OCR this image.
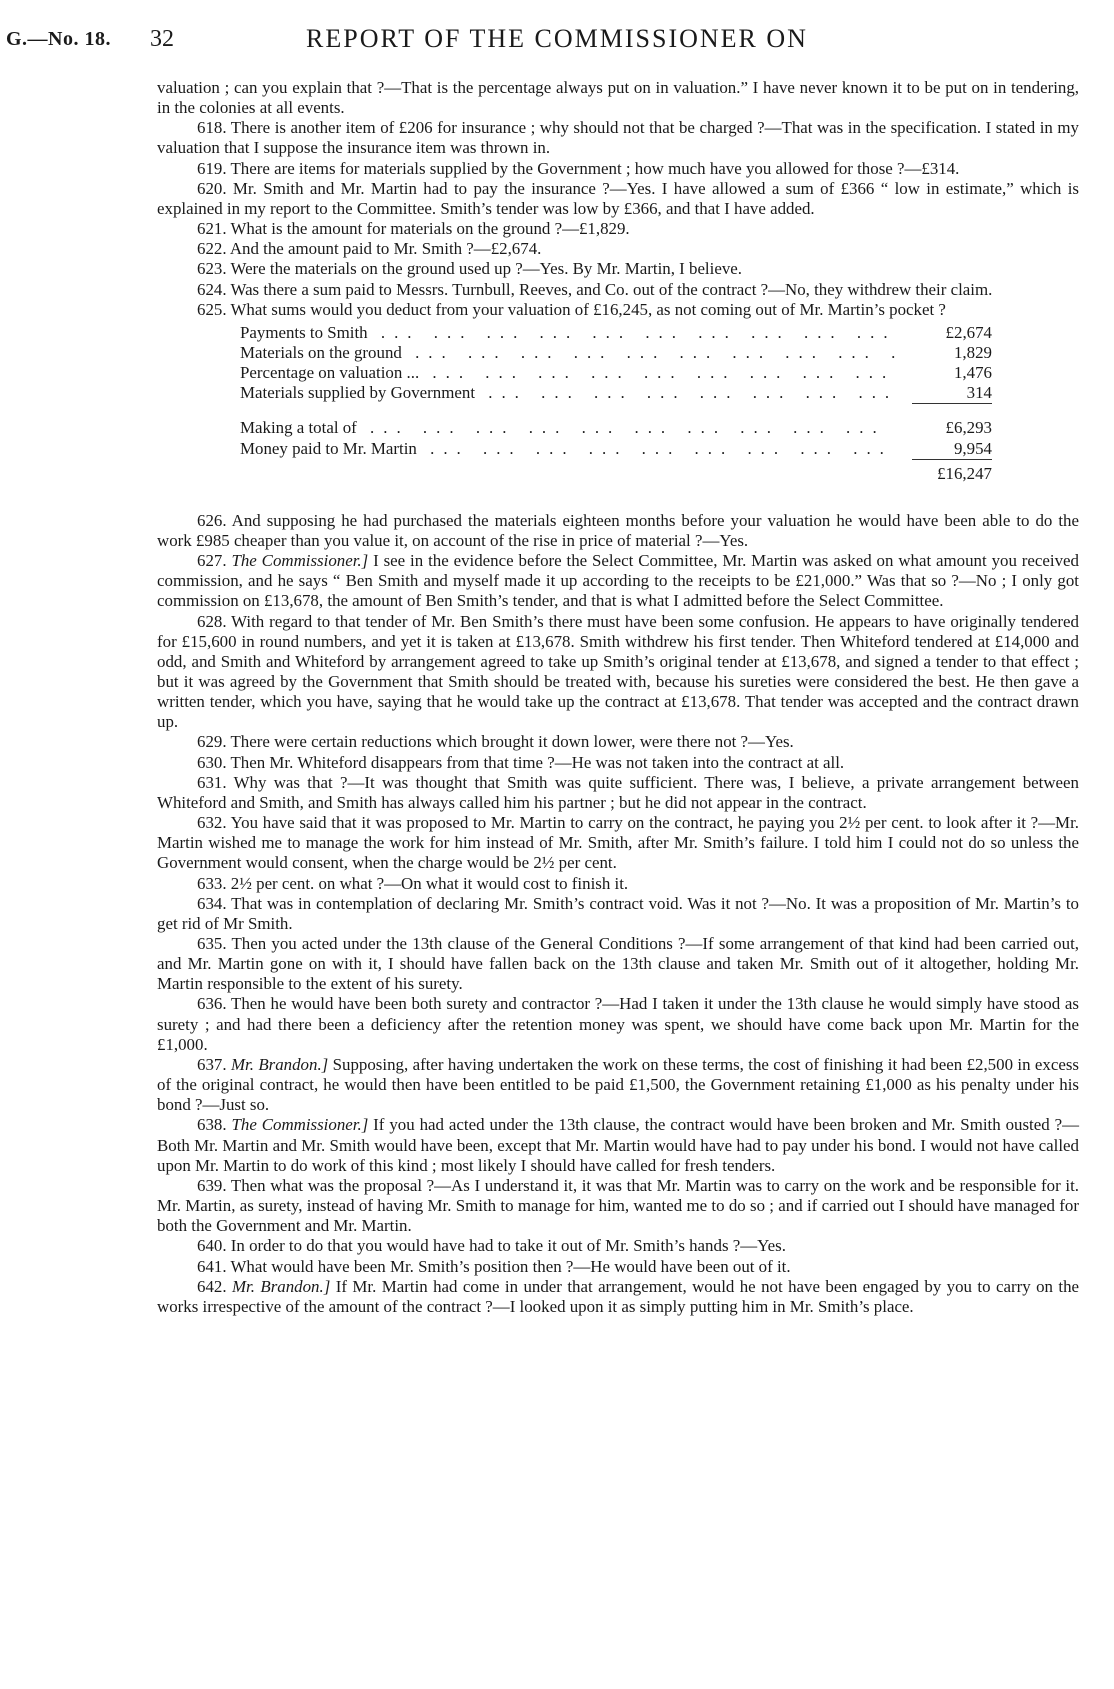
G.—No. 18. 32	REPORT OF THE COMMISSIONER ON

valuation ; can you explain that ?—That is the percentage always put on in valuation.” I have never known it to be put on in tendering, in the colonies at all events.

618. There is another item of £206 for insurance ; why should not that be charged ?—That was in the specification. I stated in my valuation that I suppose the insurance item was thrown in.

619. There are items for materials supplied by the Government ; how much have you allowed for those ?—£314.

620. Mr. Smith and Mr. Martin had to pay the insurance ?—Yes. I have allowed a sum of £366 “ low in estimate,” which is explained in my report to the Committee. Smith’s tender was low by £366, and that I have added.

621. What is the amount for materials on the ground ?—£1,829.

622. And the amount paid to Mr. Smith ?—£2,674.

623. Were the materials on the ground used up ?—Yes. By Mr. Martin, I believe.

624. Was there a sum paid to Messrs. Turnbull, Reeves, and Co. out of the contract ?—No, they withdrew their claim.

625. What sums would you deduct from your valuation of £16,245, as not coming out of Mr. Martin’s pocket ?

Payments to Smith ...	£2,674
Materials on the ground ...	1,829
Percentage on valuation ... ...	1,476
Materials supplied by Government ...	314
Making a total of ...	£6,293
Money paid to Mr. Martin ...	9,954
£16,247

626. And supposing he had purchased the materials eighteen months before your valuation he would have been able to do the work £985 cheaper than you value it, on account of the rise in price of material ?—Yes.

627. The Commissioner.] I see in the evidence before the Select Committee, Mr. Martin was asked on what amount you received commission, and he says “ Ben Smith and myself made it up according to the receipts to be £21,000.” Was that so ?—No ; I only got commission on £13,678, the amount of Ben Smith’s tender, and that is what I admitted before the Select Committee.

628. With regard to that tender of Mr. Ben Smith’s there must have been some confusion. He appears to have originally tendered for £15,600 in round numbers, and yet it is taken at £13,678. Smith withdrew his first tender. Then Whiteford tendered at £14,000 and odd, and Smith and Whiteford by arrangement agreed to take up Smith’s original tender at £13,678, and signed a tender to that effect ; but it was agreed by the Government that Smith should be treated with, because his sureties were considered the best. He then gave a written tender, which you have, saying that he would take up the contract at £13,678. That tender was accepted and the contract drawn up.

629. There were certain reductions which brought it down lower, were there not ?—Yes.

630. Then Mr. Whiteford disappears from that time ?—He was not taken into the contract at all.

631. Why was that ?—It was thought that Smith was quite sufficient. There was, I believe, a private arrangement between Whiteford and Smith, and Smith has always called him his partner ; but he did not appear in the contract.

632. You have said that it was proposed to Mr. Martin to carry on the contract, he paying you 2½ per cent. to look after it ?—Mr. Martin wished me to manage the work for him instead of Mr. Smith, after Mr. Smith’s failure. I told him I could not do so unless the Government would consent, when the charge would be 2½ per cent.

633. 2½ per cent. on what ?—On what it would cost to finish it.

634. That was in contemplation of declaring Mr. Smith’s contract void. Was it not ?—No. It was a proposition of Mr. Martin’s to get rid of Mr Smith.

635. Then you acted under the 13th clause of the General Conditions ?—If some arrangement of that kind had been carried out, and Mr. Martin gone on with it, I should have fallen back on the 13th clause and taken Mr. Smith out of it altogether, holding Mr. Martin responsible to the extent of his surety.

636. Then he would have been both surety and contractor ?—Had I taken it under the 13th clause he would simply have stood as surety ; and had there been a deficiency after the retention money was spent, we should have come back upon Mr. Martin for the £1,000.

637. Mr. Brandon.] Supposing, after having undertaken the work on these terms, the cost of finishing it had been £2,500 in excess of the original contract, he would then have been entitled to be paid £1,500, the Government retaining £1,000 as his penalty under his bond ?—Just so.

638. The Commissioner.] If you had acted under the 13th clause, the contract would have been broken and Mr. Smith ousted ?—Both Mr. Martin and Mr. Smith would have been, except that Mr. Martin would have had to pay under his bond. I would not have called upon Mr. Martin to do work of this kind ; most likely I should have called for fresh tenders.

639. Then what was the proposal ?—As I understand it, it was that Mr. Martin was to carry on the work and be responsible for it. Mr. Martin, as surety, instead of having Mr. Smith to manage for him, wanted me to do so ; and if carried out I should have managed for both the Government and Mr. Martin.

640. In order to do that you would have had to take it out of Mr. Smith’s hands ?—Yes.

641. What would have been Mr. Smith’s position then ?—He would have been out of it.

642. Mr. Brandon.] If Mr. Martin had come in under that arrangement, would he not have been engaged by you to carry on the works irrespective of the amount of the contract ?—I looked upon it as simply putting him in Mr. Smith’s place.
